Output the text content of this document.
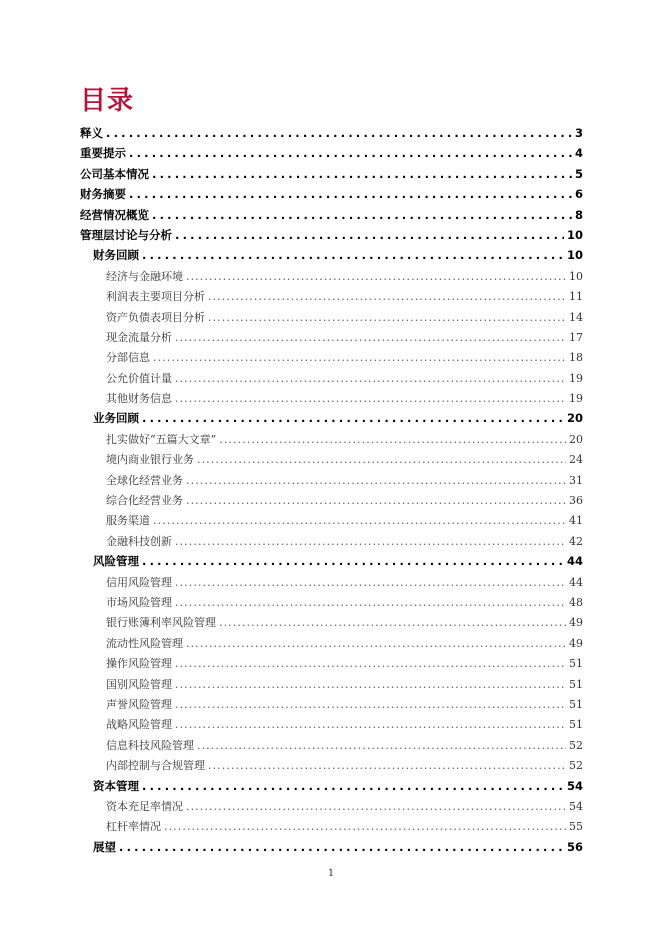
目录
释义 . . .	3
重要提示 . . .	4
公司基本情况 . . .	5
财务摘要 . . .	6
经营情况概览 . . .	8
管理层讨论与分析 . . .	10
财务回顾 . . .	10
经济与金融环境 . . .	10
利润表主要项目分析 . . .	11
资产负债表项目分析 . . .	14
现金流量分析 . . .	17
分部信息 . . .	18
公允价值计量 . . .	19
其他财务信息 . . .	19
业务回顾 . . .	20
扎实做好“五篇大文章” . . .	20
境内商业银行业务 . . .	24
全球化经营业务 . . .	31
综合化经营业务 . . .	36
服务渠道 . . .	41
金融科技创新 . . .	42
风险管理 . . .	44
信用风险管理 . . .	44
市场风险管理 . . .	48
银行账簿利率风险管理 . . .	49
流动性风险管理 . . .	49
操作风险管理 . . .	51
国别风险管理 . . .	51
声誉风险管理 . . .	51
战略风险管理 . . .	51
信息科技风险管理 . . .	52
内部控制与合规管理 . . .	52
资本管理 . . .	54
资本充足率情况 . . .	54
杠杆率情况 . . .	55
展望 . . .	56
1
